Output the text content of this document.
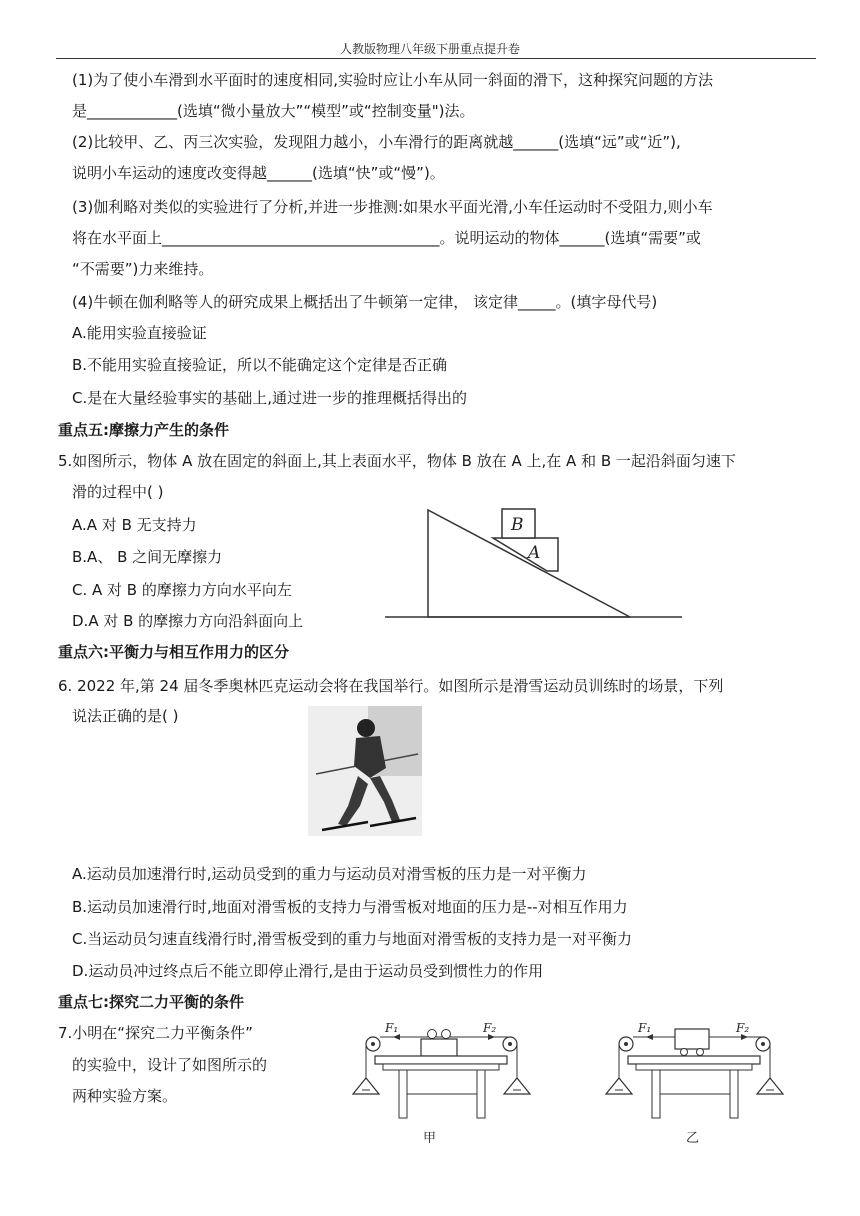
人教版物理八年级下册重点提升卷
(1)为了使小车滑到水平面时的速度相同,实验时应让小车从同一斜面的滑下，这种探究问题的方法
是____________(选填“微小量放大”“模型”或“控制变量")法。
(2)比较甲、乙、丙三次实验，发现阻力越小，小车滑行的距离就越______(选填“远”或“近”),
说明小车运动的速度改变得越______(选填“快”或“慢”)。
(3)伽利略对类似的实验进行了分析,并进一步推测:如果水平面光滑,小车任运动时不受阻力,则小车
将在水平面上_____________________________________。说明运动的物体______(选填“需要”或
“不需要”)力来维持。
(4)牛顿在伽利略等人的研究成果上概括出了牛顿第一定律， 该定律_____。(填字母代号)
A.能用实验直接验证
B.不能用实验直接验证，所以不能确定这个定律是否正确
C.是在大量经验事实的基础上,通过进一步的推理概括得出的
重点五:摩擦力产生的条件
5.如图所示，物体 A 放在固定的斜面上,其上表面水平，物体 B 放在 A 上,在 A 和 B 一起沿斜面匀速下
滑的过程中( )
A.A 对 B 无支持力
B.A、 B 之间无摩擦力
C. A 对 B 的摩擦力方向水平向左
D.A 对 B 的摩擦力方向沿斜面向上
A
B
重点六:平衡力与相互作用力的区分
6. 2022 年,第 24 届冬季奥林匹克运动会将在我国举行。如图所示是滑雪运动员训练时的场景，下列
说法正确的是( )
A.运动员加速滑行时,运动员受到的重力与运动员对滑雪板的压力是一对平衡力
B.运动员加速滑行时,地面对滑雪板的支持力与滑雪板对地面的压力是--对相互作用力
C.当运动员匀速直线滑行时,滑雪板受到的重力与地面对滑雪板的支持力是一对平衡力
D.运动员冲过终点后不能立即停止滑行,是由于运动员受到惯性力的作用
重点七:探究二力平衡的条件
7.小明在“探究二力平衡条件”
的实验中，设计了如图所示的
两种实验方案。
F₁	F₂
甲
F₁	F₂
乙
